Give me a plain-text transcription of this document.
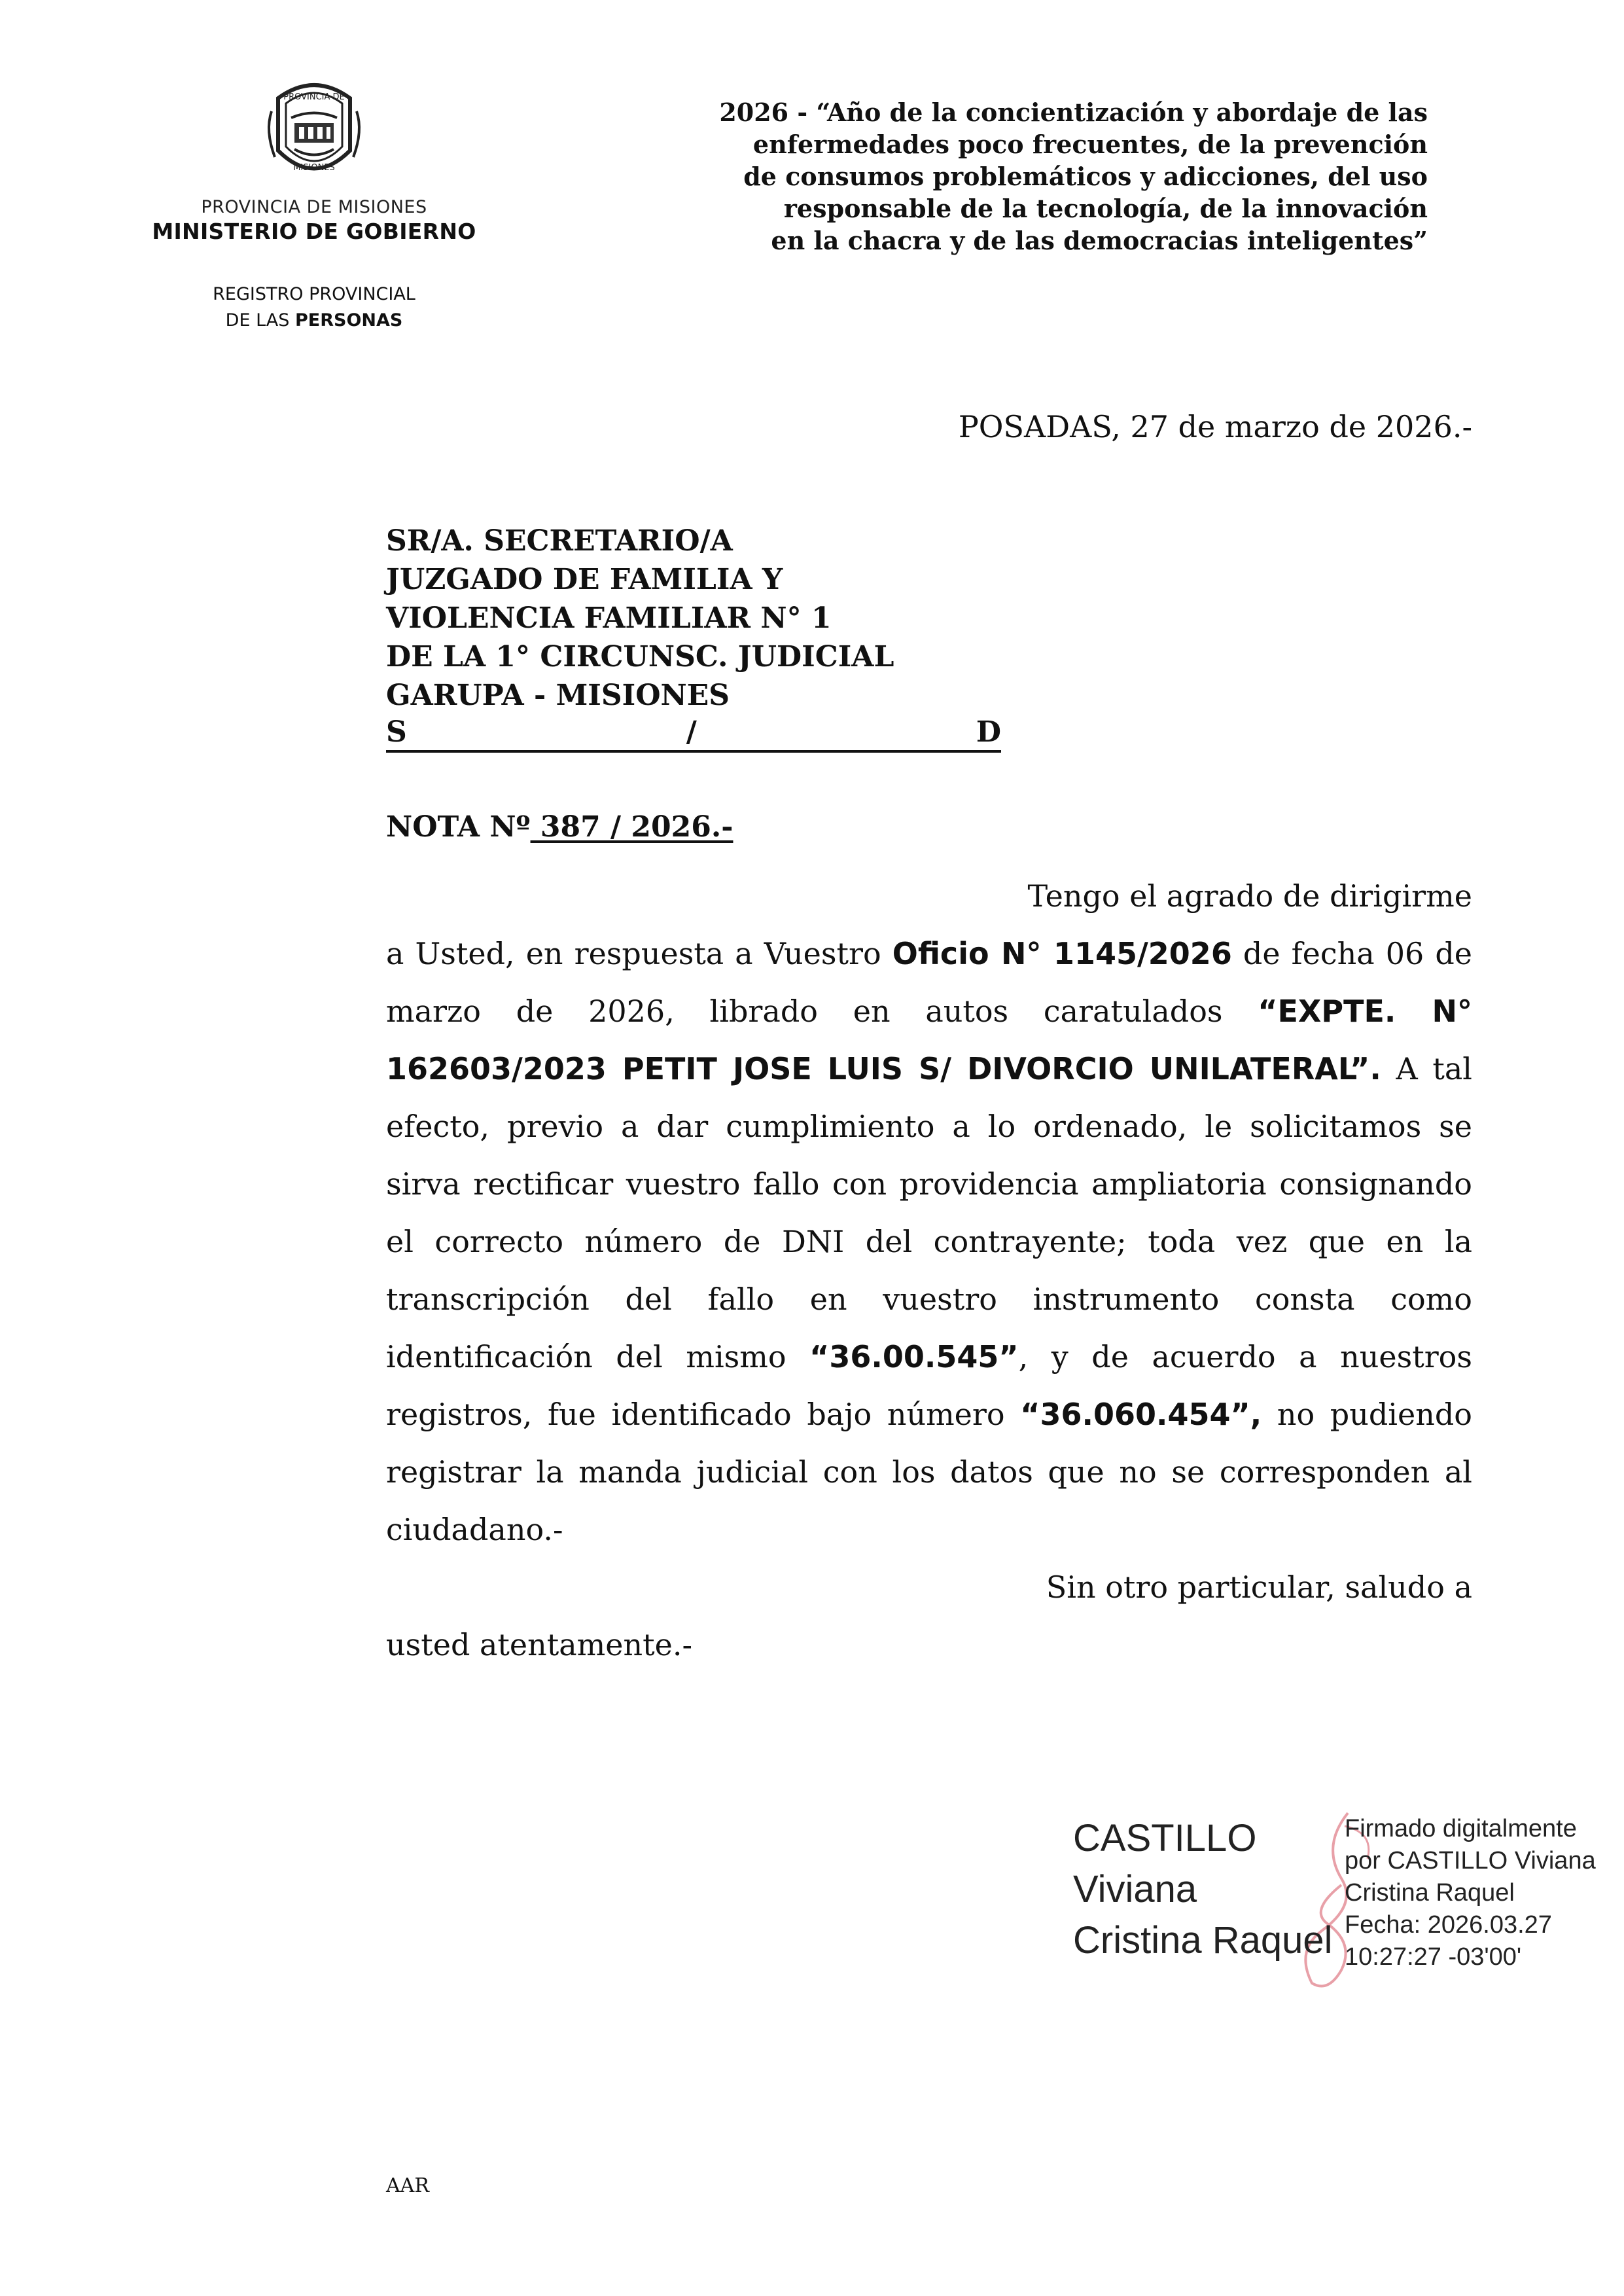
PROVINCIA DE
MISIONES
PROVINCIA DE MISIONES
MINISTERIO DE GOBIERNO
REGISTRO PROVINCIAL
DE LAS PERSONAS
2026 - “Año de la concientización y abordaje de las
enfermedades poco frecuentes, de la prevención
de consumos problemáticos y adicciones, del uso
responsable de la tecnología, de la innovación
en la chacra y de las democracias inteligentes”
POSADAS, 27 de marzo de 2026.-
SR/A. SECRETARIO/A
JUZGADO DE FAMILIA Y
VIOLENCIA FAMILIAR N° 1
DE LA 1° CIRCUNSC. JUDICIAL
GARUPA - MISIONES
S	/	D
NOTA Nº 387 / 2026.-

Tengo el agrado de dirigirme

a Usted, en respuesta a Vuestro Oficio N° 1145/2026 de fecha 06 de marzo de 2026, librado en autos caratulados “EXPTE. N° 162603/2023 PETIT JOSE LUIS S/ DIVORCIO UNILATERAL”. A tal efecto, previo a dar cumplimiento a lo ordenado, le solicitamos se sirva rectificar vuestro fallo con providencia ampliatoria consignando el correcto número de DNI del contrayente; toda vez que en la transcripción del fallo en vuestro instrumento consta como identificación del mismo “36.00.545”, y de acuerdo a nuestros registros, fue identificado bajo número “36.060.454”, no pudiendo registrar la manda judicial con los datos que no se corresponden al ciudadano.-

Sin otro particular, saludo a

usted atentamente.-

CASTILLO
Viviana
Cristina Raquel
Firmado digitalmente
por CASTILLO Viviana
Cristina Raquel
Fecha: 2026.03.27
10:27:27 -03'00'
AAR
